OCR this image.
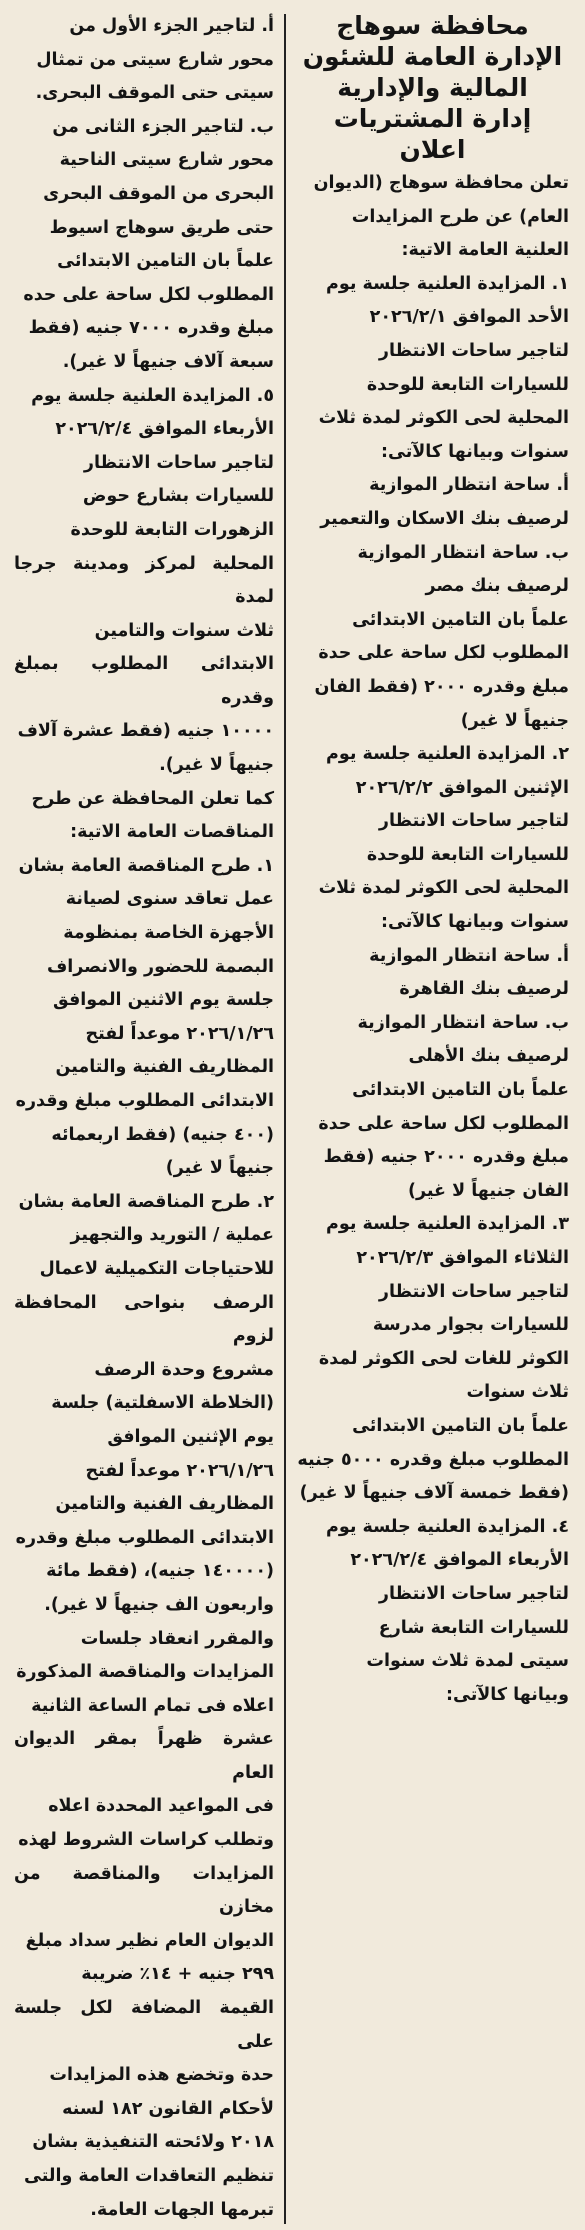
محافظة سوهاج
الإدارة العامة للشئون
المالية والإدارية
إدارة المشتريات
اعلان
تعلن محافظة سوهاج (الديوان
العام) عن طرح المزايدات
العلنية العامة الاتية:
١. المزايدة العلنية جلسة يوم
الأحد الموافق ٢٠٢٦/٢/١
لتاجير ساحات الانتظار
للسيارات التابعة للوحدة
المحلية لحى الكوثر لمدة ثلاث
سنوات وبيانها كالآتى:
أ. ساحة انتظار الموازية
لرصيف بنك الاسكان والتعمير
ب. ساحة انتظار الموازية
لرصيف بنك مصر
علماً بان التامين الابتدائى
المطلوب لكل ساحة على حدة
مبلغ وقدره ٢٠٠٠ (فقط الفان
جنيهاً لا غير)
٢. المزايدة العلنية جلسة يوم
الإثنين الموافق ٢٠٢٦/٢/٢
لتاجير ساحات الانتظار
للسيارات التابعة للوحدة
المحلية لحى الكوثر لمدة ثلاث
سنوات وبيانها كالآتى:
أ. ساحة انتظار الموازية
لرصيف بنك القاهرة
ب. ساحة انتظار الموازية
لرصيف بنك الأهلى
علماً بان التامين الابتدائى
المطلوب لكل ساحة على حدة
مبلغ وقدره ٢٠٠٠ جنيه (فقط
الفان جنيهاً لا غير)
٣. المزايدة العلنية جلسة يوم
الثلاثاء الموافق ٢٠٢٦/٢/٣
لتاجير ساحات الانتظار
للسيارات بجوار مدرسة
الكوثر للغات لحى الكوثر لمدة
ثلاث سنوات
علماً بان التامين الابتدائى
المطلوب مبلغ وقدره ٥٠٠٠ جنيه
(فقط خمسة آلاف جنيهاً لا غير)
٤. المزايدة العلنية جلسة يوم
الأربعاء الموافق ٢٠٢٦/٢/٤
لتاجير ساحات الانتظار
للسيارات التابعة شارع
سيتى لمدة ثلاث سنوات
وبيانها كالآتى:
أ. لتاجير الجزء الأول من
محور شارع سيتى من تمثال
سيتى حتى الموقف البحرى.
ب. لتاجير الجزء الثانى من
محور شارع سيتى الناحية
البحرى من الموقف البحرى
حتى طريق سوهاج اسيوط
علماً بان التامين الابتدائى
المطلوب لكل ساحة على حده
مبلغ وقدره ٧٠٠٠ جنيه (فقط
سبعة آلاف جنيهاً لا غير).
٥. المزايدة العلنية جلسة يوم
الأربعاء الموافق ٢٠٢٦/٢/٤
لتاجير ساحات الانتظار
للسيارات بشارع حوض
الزهورات التابعة للوحدة
المحلية لمركز ومدينة جرجا لمدة
ثلاث سنوات والتامين
الابتدائى المطلوب بمبلغ وقدره
١٠٠٠٠ جنيه (فقط عشرة آلاف
جنيهاً لا غير).
كما تعلن المحافظة عن طرح
المناقصات العامة الاتية:
١. طرح المناقصة العامة بشان
عمل تعاقد سنوى لصيانة
الأجهزة الخاصة بمنظومة
البصمة للحضور والانصراف
جلسة يوم الاثنين الموافق
٢٠٢٦/١/٢٦ موعداً لفتح
المظاريف الفنية والتامين
الابتدائى المطلوب مبلغ وقدره
(٤٠٠ جنيه) (فقط اربعمائه
جنيهاً لا غير)
٢. طرح المناقصة العامة بشان
عملية / التوريد والتجهيز
للاحتياجات التكميلية لاعمال
الرصف بنواحى المحافظة لزوم
مشروع وحدة الرصف
(الخلاطة الاسفلتية) جلسة
يوم الإثنين الموافق
٢٠٢٦/١/٢٦ موعداً لفتح
المظاريف الفنية والتامين
الابتدائى المطلوب مبلغ وقدره
(١٤٠٠٠٠ جنيه)، (فقط مائة
واربعون الف جنيهاً لا غير).
والمقرر انعقاد جلسات
المزايدات والمناقصة المذكورة
اعلاه فى تمام الساعة الثانية
عشرة ظهراً بمقر الديوان العام
فى المواعيد المحددة اعلاه
وتطلب كراسات الشروط لهذه
المزايدات والمناقصة من مخازن
الديوان العام نظير سداد مبلغ
٢٩٩ جنيه + ١٤٪ ضريبة
القيمة المضافة لكل جلسة على
حدة وتخضع هذه المزايدات
لأحكام القانون ١٨٢ لسنه
٢٠١٨ ولائحته التنفيذية بشان
تنظيم التعاقدات العامة والتى
تبرمها الجهات العامة.
